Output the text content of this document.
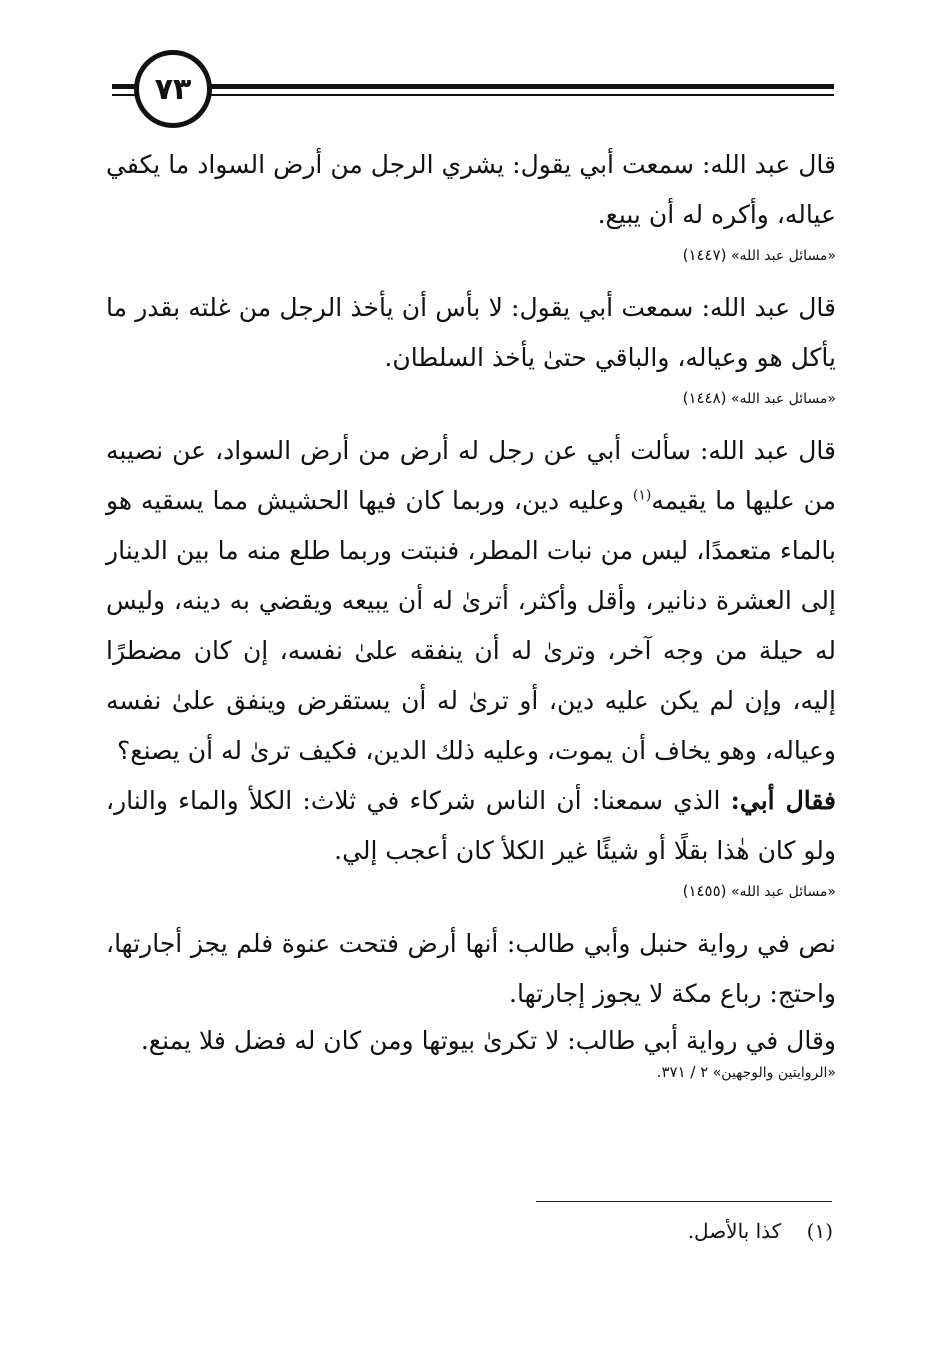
٧٣

قال عبد الله: سمعت أبي يقول: يشري الرجل من أرض السواد ما يكفي عياله، وأكره له أن يبيع.

«مسائل عبد الله» (١٤٤٧)

قال عبد الله: سمعت أبي يقول: لا بأس أن يأخذ الرجل من غلته بقدر ما يأكل هو وعياله، والباقي حتىٰ يأخذ السلطان.

«مسائل عبد الله» (١٤٤٨)

قال عبد الله: سألت أبي عن رجل له أرض من أرض السواد، عن نصيبه من عليها ما يقيمه$^{(١)}$ وعليه دين، وربما كان فيها الحشيش مما يسقيه هو بالماء متعمدًا، ليس من نبات المطر، فنبتت وربما طلع منه ما بين الدينار إلى العشرة دنانير، وأقل وأكثر، أترىٰ له أن يبيعه ويقضي به دينه، وليس له حيلة من وجه آخر، وترىٰ له أن ينفقه علىٰ نفسه، إن كان مضطرًا إليه، وإن لم يكن عليه دين، أو ترىٰ له أن يستقرض وينفق علىٰ نفسه وعياله، وهو يخاف أن يموت، وعليه ذلك الدين، فكيف ترىٰ له أن يصنع؟

فقال أبي: الذي سمعنا: أن الناس شركاء في ثلاث: الكلأ والماء والنار، ولو كان هٰذا بقلًا أو شيئًا غير الكلأ كان أعجب إلي.

«مسائل عبد الله» (١٤٥٥)

نص في رواية حنبل وأبي طالب: أنها أرض فتحت عنوة فلم يجز أجارتها، واحتج: رباع مكة لا يجوز إجارتها.

وقال في رواية أبي طالب: لا تكرىٰ بيوتها ومن كان له فضل فلا يمنع.

«الروايتين والوجهين» ٢ / ٣٧١.
(١)    كذا بالأصل.
